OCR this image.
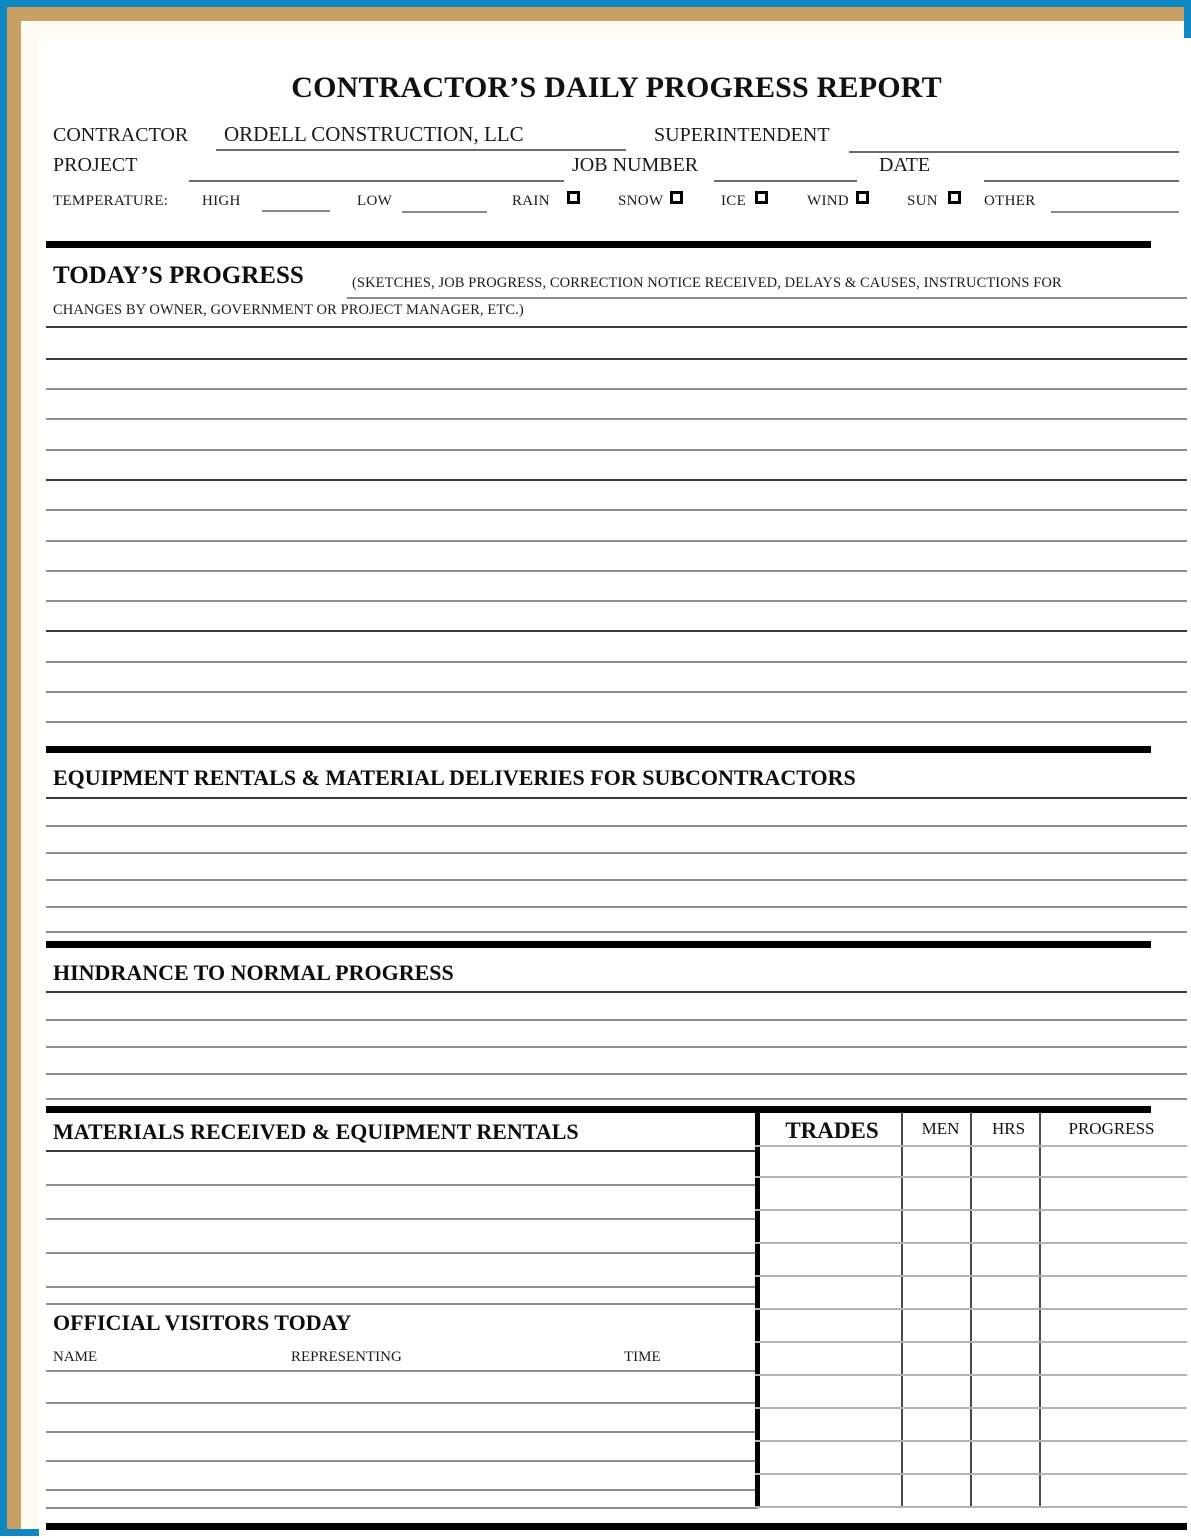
CONTRACTOR’S DAILY PROGRESS REPORT
CONTRACTOR ORDELL CONSTRUCTION, LLC	SUPERINTENDENT
PROJECT	JOB NUMBER	DATE
TEMPERATURE: HIGH	LOW	RAIN	SNOW	ICE	WIND	SUN	OTHER
TODAY’S PROGRESS	(SKETCHES, JOB PROGRESS, CORRECTION NOTICE RECEIVED, DELAYS & CAUSES, INSTRUCTIONS FOR
CHANGES BY OWNER, GOVERNMENT OR PROJECT MANAGER, ETC.)
EQUIPMENT RENTALS & MATERIAL DELIVERIES FOR SUBCONTRACTORS
HINDRANCE TO NORMAL PROGRESS
MATERIALS RECEIVED & EQUIPMENT RENTALS
OFFICIAL VISITORS TODAY
NAME	REPRESENTING	TIME
TRADES	MEN	HRS	PROGRESS
